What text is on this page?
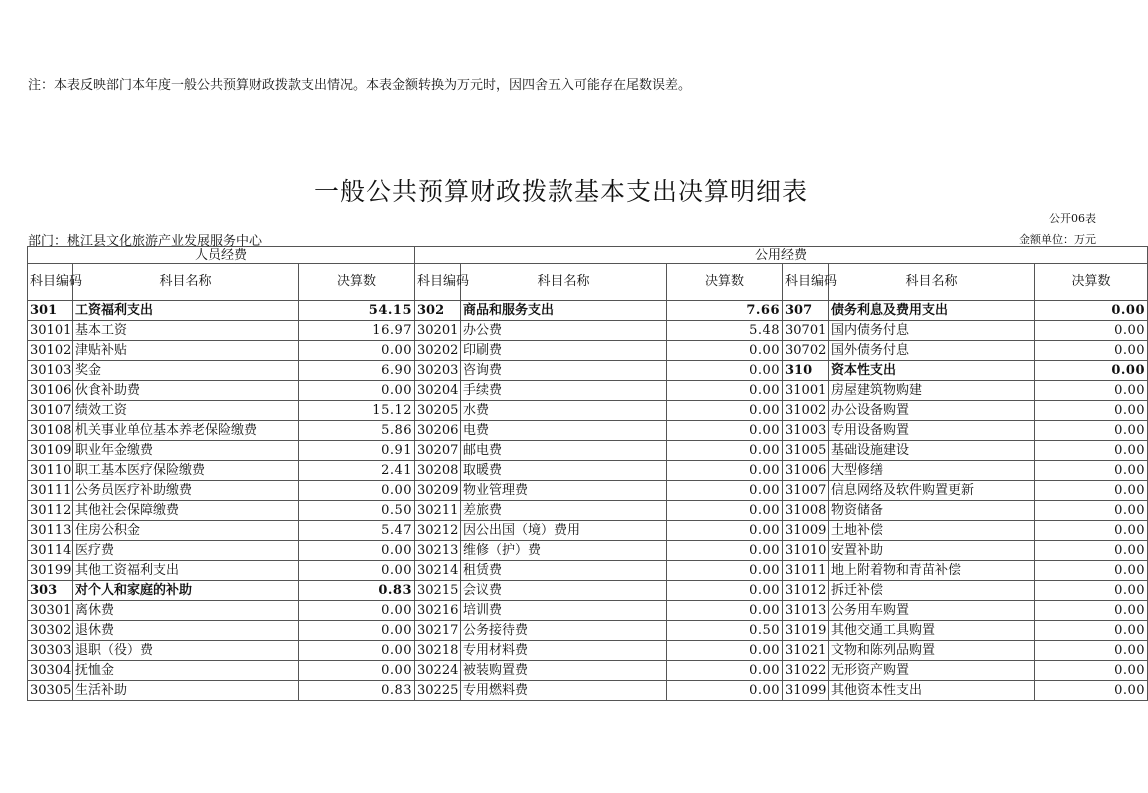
注：本表反映部门本年度一般公共预算财政拨款支出情况。本表金额转换为万元时，因四舍五入可能存在尾数误差。
一般公共预算财政拨款基本支出决算明细表
公开06表
部门：桃江县文化旅游产业发展服务中心	金额单位：万元
人员经费			公用经费					
科目编码	科目名称	决算数	科目编码	科目名称	决算数	科目编码	科目名称	决算数
301	工资福利支出	54.15	302	商品和服务支出	7.66	307	债务利息及费用支出	0.00
30101	基本工资	16.97	30201	办公费	5.48	30701	国内债务付息	0.00
30102	津贴补贴	0.00	30202	印刷费	0.00	30702	国外债务付息	0.00
30103	奖金	6.90	30203	咨询费	0.00	310	资本性支出	0.00
30106	伙食补助费	0.00	30204	手续费	0.00	31001	房屋建筑物购建	0.00
30107	绩效工资	15.12	30205	水费	0.00	31002	办公设备购置	0.00
30108	机关事业单位基本养老保险缴费	5.86	30206	电费	0.00	31003	专用设备购置	0.00
30109	职业年金缴费	0.91	30207	邮电费	0.00	31005	基础设施建设	0.00
30110	职工基本医疗保险缴费	2.41	30208	取暖费	0.00	31006	大型修缮	0.00
30111	公务员医疗补助缴费	0.00	30209	物业管理费	0.00	31007	信息网络及软件购置更新	0.00
30112	其他社会保障缴费	0.50	30211	差旅费	0.00	31008	物资储备	0.00
30113	住房公积金	5.47	30212	因公出国（境）费用	0.00	31009	土地补偿	0.00
30114	医疗费	0.00	30213	维修（护）费	0.00	31010	安置补助	0.00
30199	其他工资福利支出	0.00	30214	租赁费	0.00	31011	地上附着物和青苗补偿	0.00
303	对个人和家庭的补助	0.83	30215	会议费	0.00	31012	拆迁补偿	0.00
30301	离休费	0.00	30216	培训费	0.00	31013	公务用车购置	0.00
30302	退休费	0.00	30217	公务接待费	0.50	31019	其他交通工具购置	0.00
30303	退职（役）费	0.00	30218	专用材料费	0.00	31021	文物和陈列品购置	0.00
30304	抚恤金	0.00	30224	被装购置费	0.00	31022	无形资产购置	0.00
30305	生活补助	0.83	30225	专用燃料费	0.00	31099	其他资本性支出	0.00
